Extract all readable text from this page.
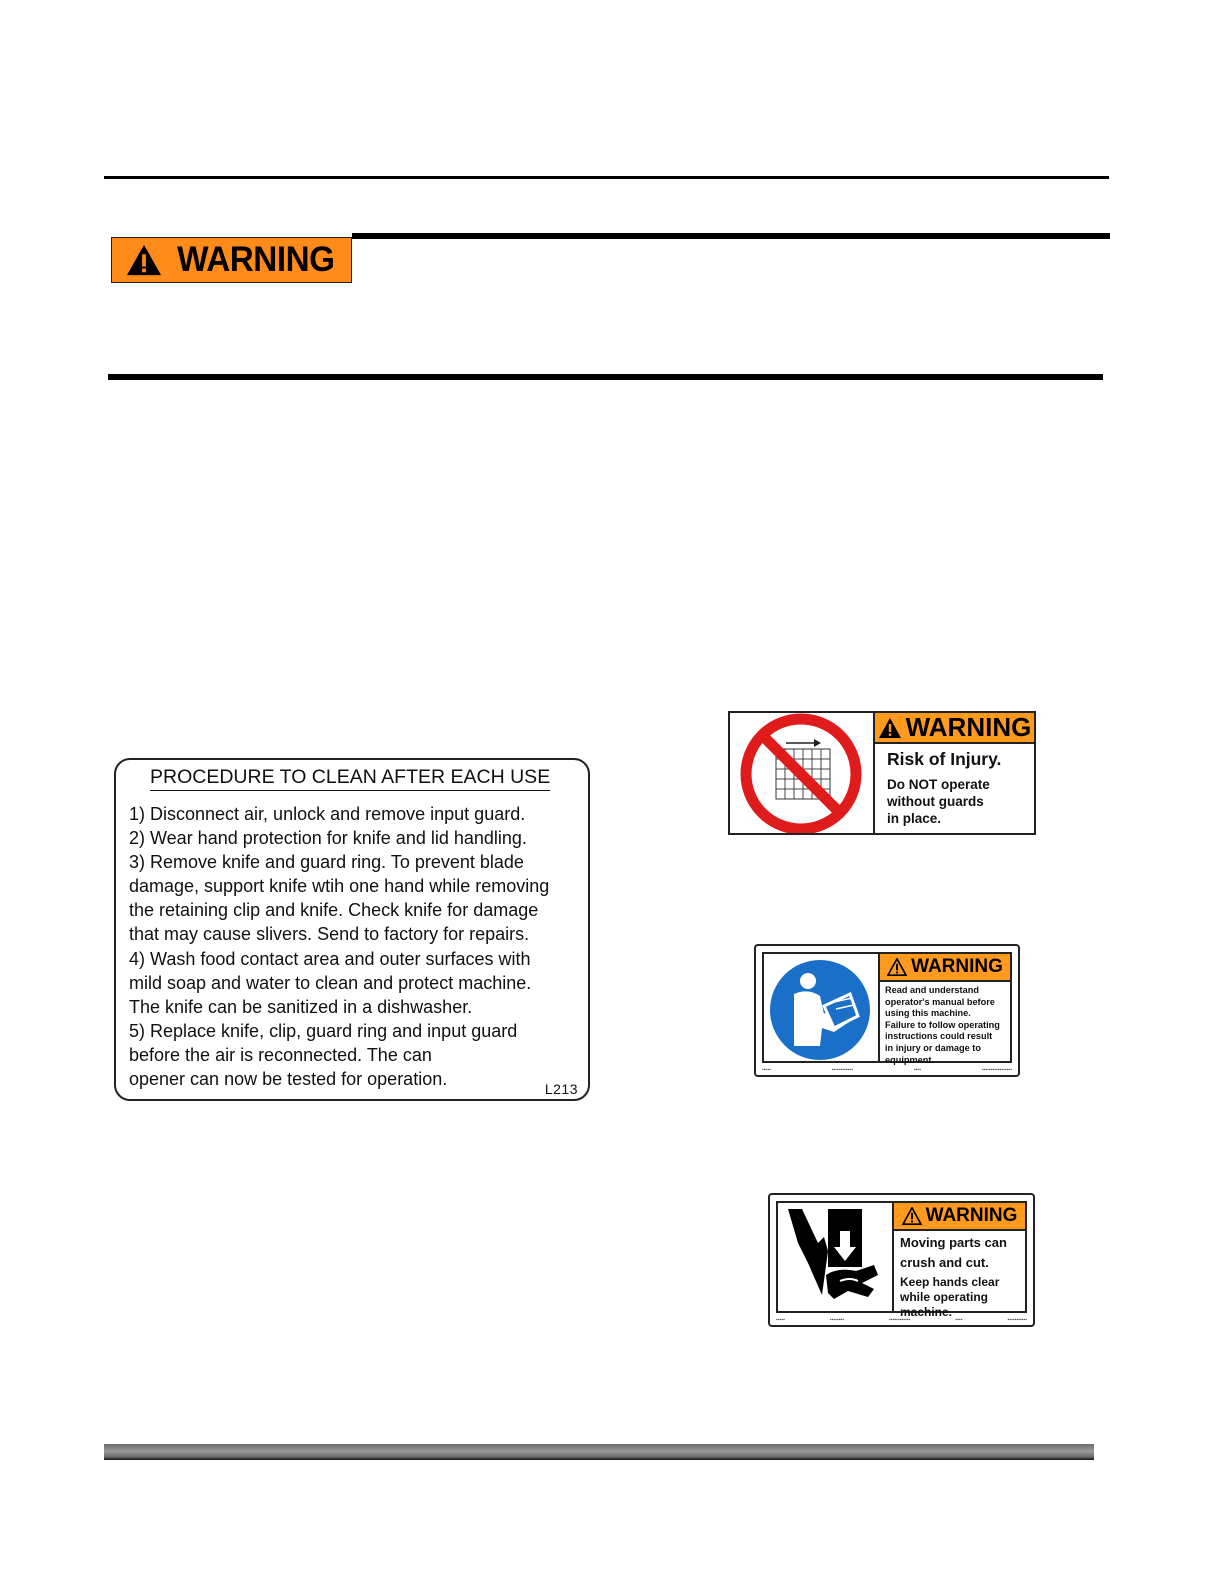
WARNING
PROCEDURE TO CLEAN AFTER EACH USE
1) Disconnect air, unlock and remove input guard.
2) Wear hand protection for knife and lid handling.
3) Remove knife and guard ring. To prevent blade
damage, support knife wtih one hand while removing
the retaining clip and knife. Check knife for damage
that may cause slivers. Send to factory for repairs.
4) Wash food contact area and outer surfaces with
mild soap and water to clean and protect machine.
The knife can be sanitized in a dishwasher.
5) Replace knife, clip, guard ring and input guard
before the air is reconnected. The can
opener can now be tested for operation.	L213
WARNING

Risk of Injury.

Do NOT operate

without guards

in place.

WARNING

Read and understand

operator's manual before

using this machine.

Failure to follow operating

instructions could result

in injury or damage to

equipment.

▪▪▪▪▪	▪▪▪▪▪▪▪▪▪▪▪▪	▪▪▪▪	▪▪▪▪▪▪▪▪▪▪▪▪▪▪▪▪▪
WARNING

Moving parts can

crush and cut.

Keep hands clear

while operating

machine.

▪▪▪▪▪	▪▪▪▪▪▪▪▪	▪▪▪▪▪▪▪▪▪▪▪▪	▪▪▪▪	▪▪▪▪▪▪▪▪▪▪▪
